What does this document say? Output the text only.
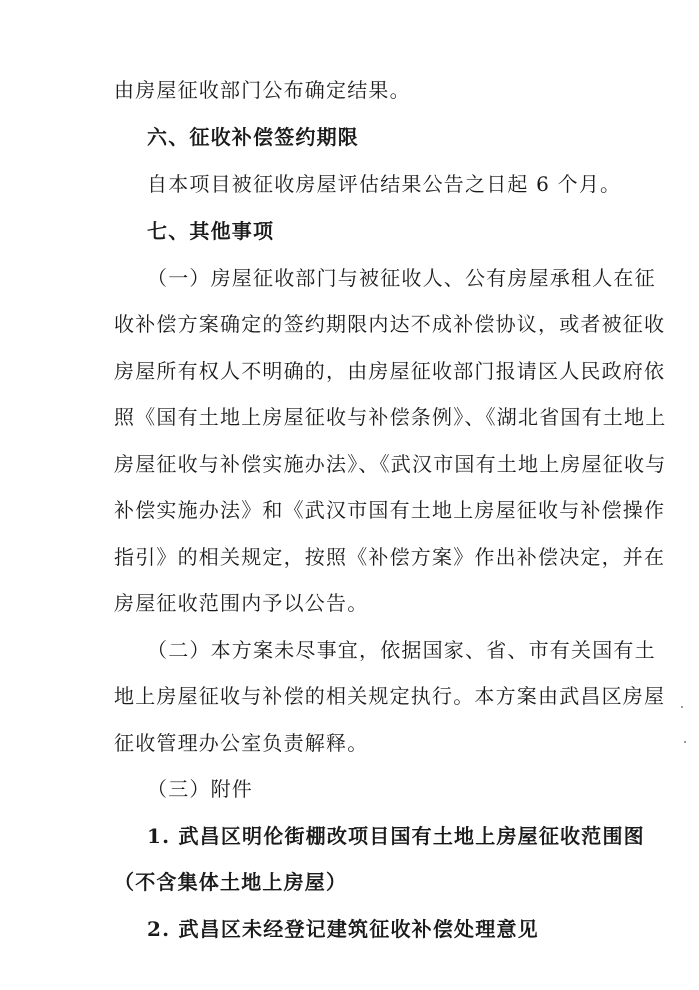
由房屋征收部门公布确定结果。
六、征收补偿签约期限
自本项目被征收房屋评估结果公告之日起 6 个月。
七、其他事项
（一）房屋征收部门与被征收人、公有房屋承租人在征
收补偿方案确定的签约期限内达不成补偿协议，或者被征收
房屋所有权人不明确的，由房屋征收部门报请区人民政府依
照《国有土地上房屋征收与补偿条例》、《湖北省国有土地上
房屋征收与补偿实施办法》、《武汉市国有土地上房屋征收与
补偿实施办法》和《武汉市国有土地上房屋征收与补偿操作
指引》的相关规定，按照《补偿方案》作出补偿决定，并在
房屋征收范围内予以公告。
（二）本方案未尽事宜，依据国家、省、市有关国有土
地上房屋征收与补偿的相关规定执行。本方案由武昌区房屋
征收管理办公室负责解释。
（三）附件
1. 武昌区明伦街棚改项目国有土地上房屋征收范围图
（不含集体土地上房屋）
2. 武昌区未经登记建筑征收补偿处理意见
